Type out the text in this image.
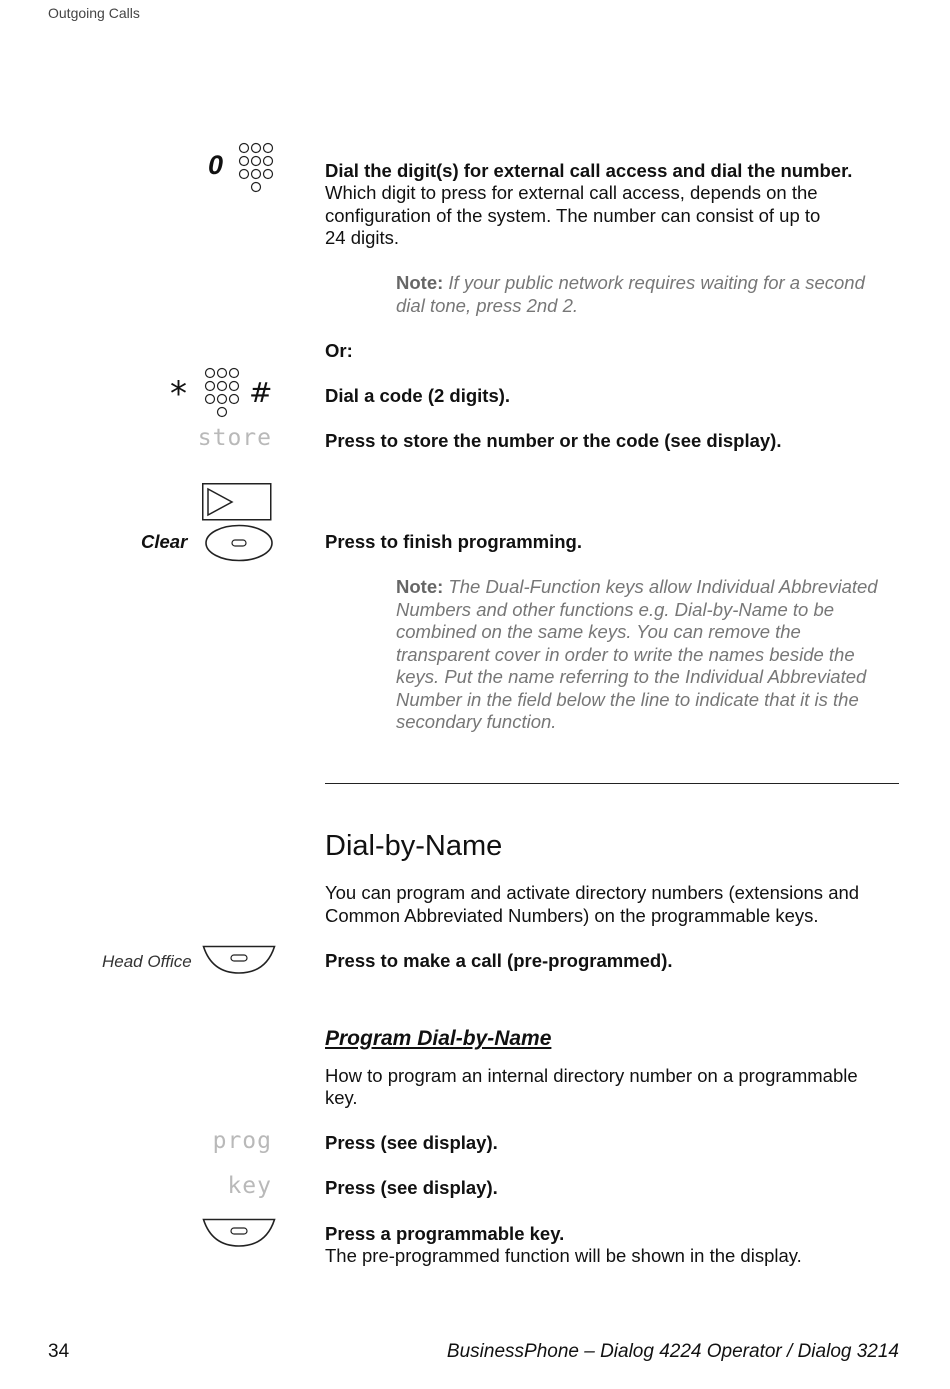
Outgoing Calls
0	Dial the digit(s) for external call access and dial the number.
Which digit to press for external call access, depends on the
configuration of the system. The number can consist of up to
24 digits.
Note: If your public network requires waiting for a second
dial tone, press 2nd 2.
Or:
* #	Dial a code (2 digits).
store	Press to store the number or the code (see display).
Clear	Press to finish programming.
Note: The Dual-Function keys allow Individual Abbreviated
Numbers and other functions e.g. Dial-by-Name to be
combined on the same keys. You can remove the
transparent cover in order to write the names beside the
keys. Put the name referring to the Individual Abbreviated
Number in the field below the line to indicate that it is the
secondary function.
Dial-by-Name
You can program and activate directory numbers (extensions and
Common Abbreviated Numbers) on the programmable keys.
Head Office	Press to make a call (pre-programmed).
Program Dial-by-Name
How to program an internal directory number on a programmable
key.
prog	Press (see display).
key	Press (see display).
Press a programmable key.
The pre-programmed function will be shown in the display.
34	BusinessPhone – Dialog 4224 Operator / Dialog 3214
